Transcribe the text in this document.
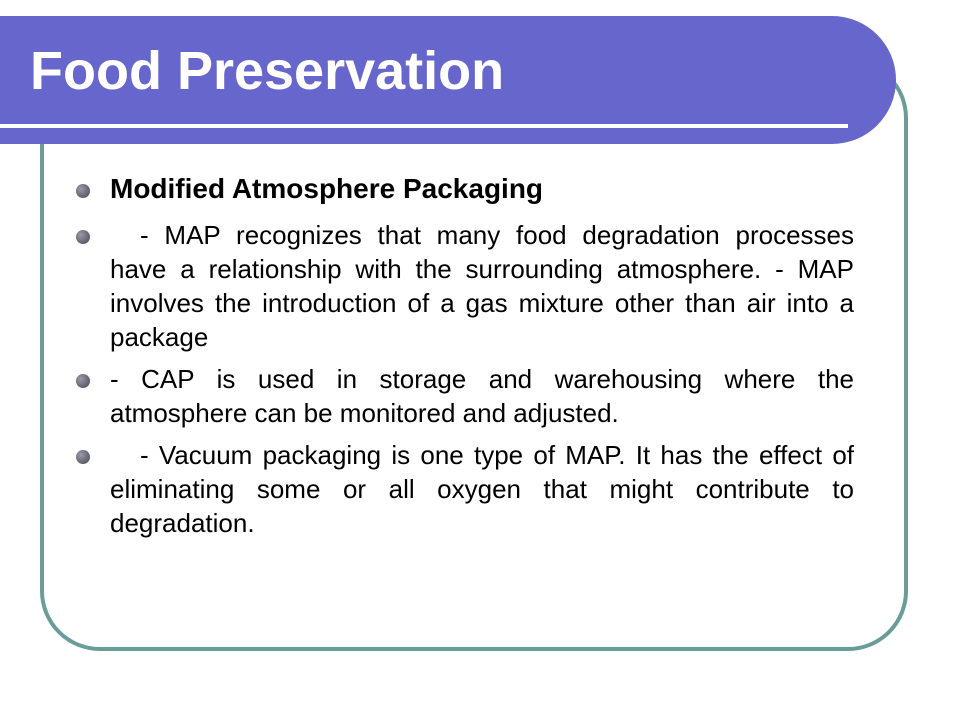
Food Preservation
Modified Atmosphere Packaging
- MAP recognizes that many food degradation processes have a relationship with the surrounding atmosphere. - MAP involves the introduction of a gas mixture other than air into a package
- CAP is used in storage and warehousing where the atmosphere can be monitored and adjusted.
- Vacuum packaging is one type of MAP. It has the effect of eliminating some or all oxygen that might contribute to degradation.
